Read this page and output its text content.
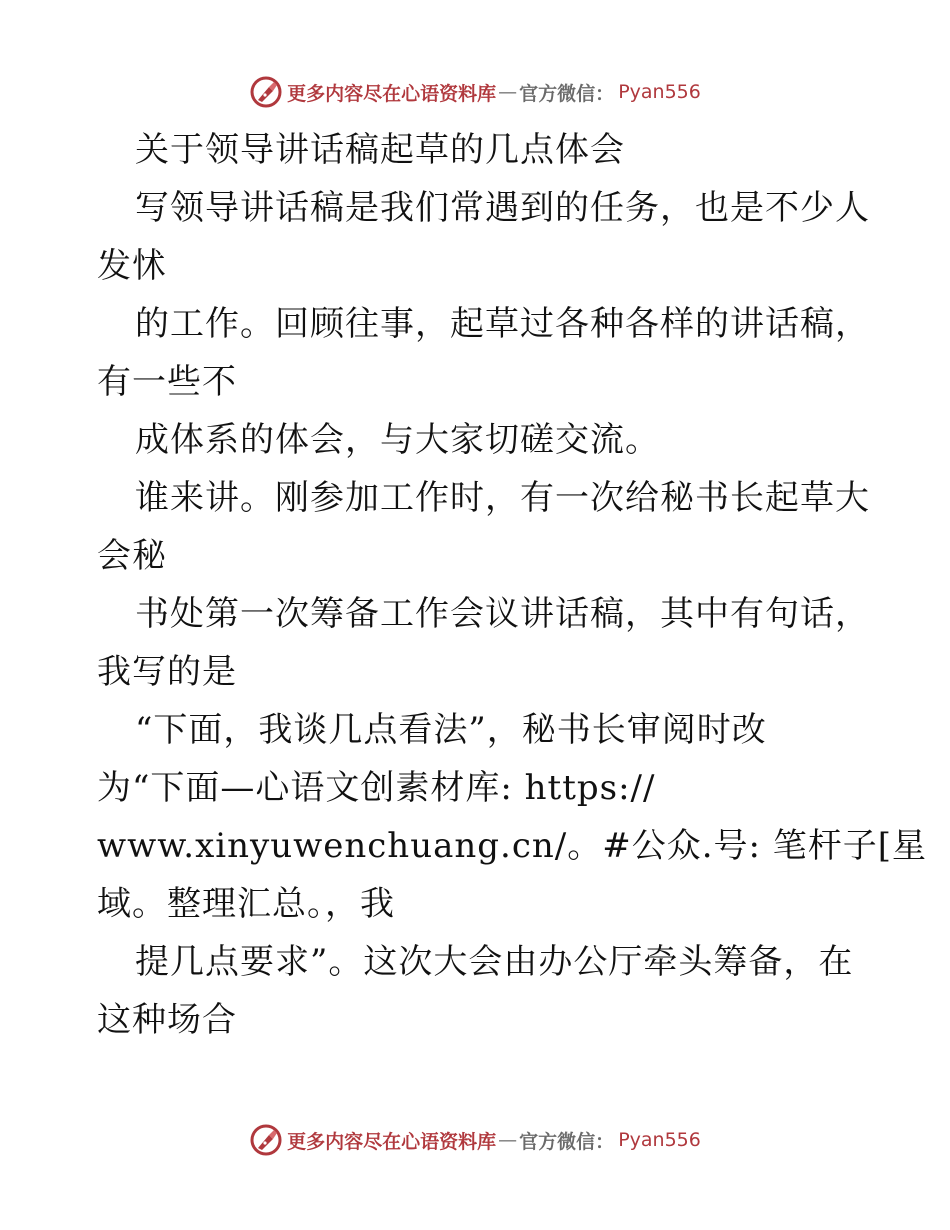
更多内容尽在心语资料库 — 官方微信： Pyan556
关于领导讲话稿起草的几点体会
写领导讲话稿是我们常遇到的任务，也是不少人
发怵
的工作。回顾往事，起草过各种各样的讲话稿，
有一些不
成体系的体会，与大家切磋交流。
谁来讲。刚参加工作时，有一次给秘书长起草大
会秘
书处第一次筹备工作会议讲话稿，其中有句话，
我写的是
“下面，我谈几点看法”，秘书长审阅时改
为“下面—心语文创素材库: https://
www.xinyuwenchuang.cn/。#公众.号: 笔杆子[星
域。整理汇总。，我
提几点要求”。这次大会由办公厅牵头筹备，在
这种场合
更多内容尽在心语资料库 — 官方微信： Pyan556
